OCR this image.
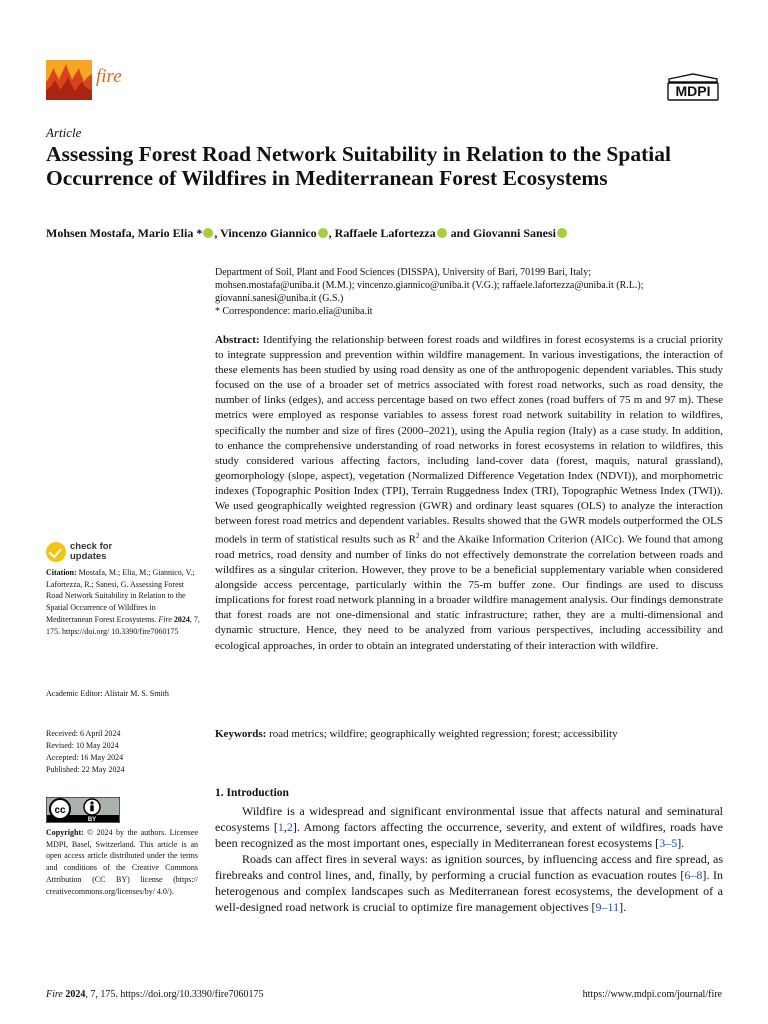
fire
MDPI
Article
Assessing Forest Road Network Suitability in Relation to the Spatial Occurrence of Wildfires in Mediterranean Forest Ecosystems
Mohsen Mostafa, Mario Elia * , Vincenzo Giannico , Raffaele Lafortezza and Giovanni Sanesi
Department of Soil, Plant and Food Sciences (DISSPA), University of Bari, 70199 Bari, Italy;
mohsen.mostafa@uniba.it (M.M.); vincenzo.giannico@uniba.it (V.G.); raffaele.lafortezza@uniba.it (R.L.);
giovanni.sanesi@uniba.it (G.S.)
* Correspondence: mario.elia@uniba.it
Abstract: Identifying the relationship between forest roads and wildfires in forest ecosystems is a crucial priority to integrate suppression and prevention within wildfire management. In various investigations, the interaction of these elements has been studied by using road density as one of the anthropogenic dependent variables. This study focused on the use of a broader set of metrics associated with forest road networks, such as road density, the number of links (edges), and access percentage based on two effect zones (road buffers of 75 m and 97 m). These metrics were employed as response variables to assess forest road network suitability in relation to wildfires, specifically the number and size of fires (2000–2021), using the Apulia region (Italy) as a case study. In addition, to enhance the comprehensive understanding of road networks in forest ecosystems in relation to wildfires, this study considered various affecting factors, including land-cover data (forest, maquis, natural grassland), geomorphology (slope, aspect), vegetation (Normalized Difference Vegetation Index (NDVI)), and morphometric indexes (Topographic Position Index (TPI), Terrain Ruggedness Index (TRI), Topographic Wetness Index (TWI)). We used geographically weighted regression (GWR) and ordinary least squares (OLS) to analyze the interaction between forest road metrics and dependent variables. Results showed that the GWR models outperformed the OLS models in term of statistical results such as $R^2$ and the Akaike Information Criterion (AICc). We found that among road metrics, road density and number of links do not effectively demonstrate the correlation between roads and wildfires as a singular criterion. However, they prove to be a beneficial supplementary variable when considered alongside access percentage, particularly within the 75-m buffer zone. Our findings are used to discuss implications for forest road network planning in a broader wildfire management analysis. Our findings demonstrate that forest roads are not one-dimensional and static infrastructure; rather, they are a multi-dimensional and dynamic structure. Hence, they need to be analyzed from various perspectives, including accessibility and ecological approaches, in order to obtain an integrated understating of their interaction with wildfire.
Keywords: road metrics; wildfire; geographically weighted regression; forest; accessibility
check for
updates
Citation: Mostafa, M.; Elia, M.; Giannico, V.; Lafortezza, R.; Sanesi, G. Assessing Forest Road Network Suitability in Relation to the Spatial Occurrence of Wildfires in Mediterranean Forest Ecosystems. Fire 2024, 7, 175. https://doi.org/ 10.3390/fire7060175
Academic Editor: Alistair M. S. Smith
Received: 6 April 2024
Revised: 10 May 2024
Accepted: 16 May 2024
Published: 22 May 2024
cc
BY
Copyright: © 2024 by the authors. Licensee MDPI, Basel, Switzerland. This article is an open access article distributed under the terms and conditions of the Creative Commons Attribution (CC BY) license (https:// creativecommons.org/licenses/by/ 4.0/).
1. Introduction

Wildfire is a widespread and significant environmental issue that affects natural and seminatural ecosystems [1,2]. Among factors affecting the occurrence, severity, and extent of wildfires, roads have been recognized as the most important ones, especially in Mediterranean forest ecosystems [3–5].

Roads can affect fires in several ways: as ignition sources, by influencing access and fire spread, as firebreaks and control lines, and, finally, by performing a crucial function as evacuation routes [6–8]. In heterogenous and complex landscapes such as Mediterranean forest ecosystems, the development of a well-designed road network is crucial to optimize fire management objectives [9–11].

Fire 2024, 7, 175. https://doi.org/10.3390/fire7060175	https://www.mdpi.com/journal/fire
